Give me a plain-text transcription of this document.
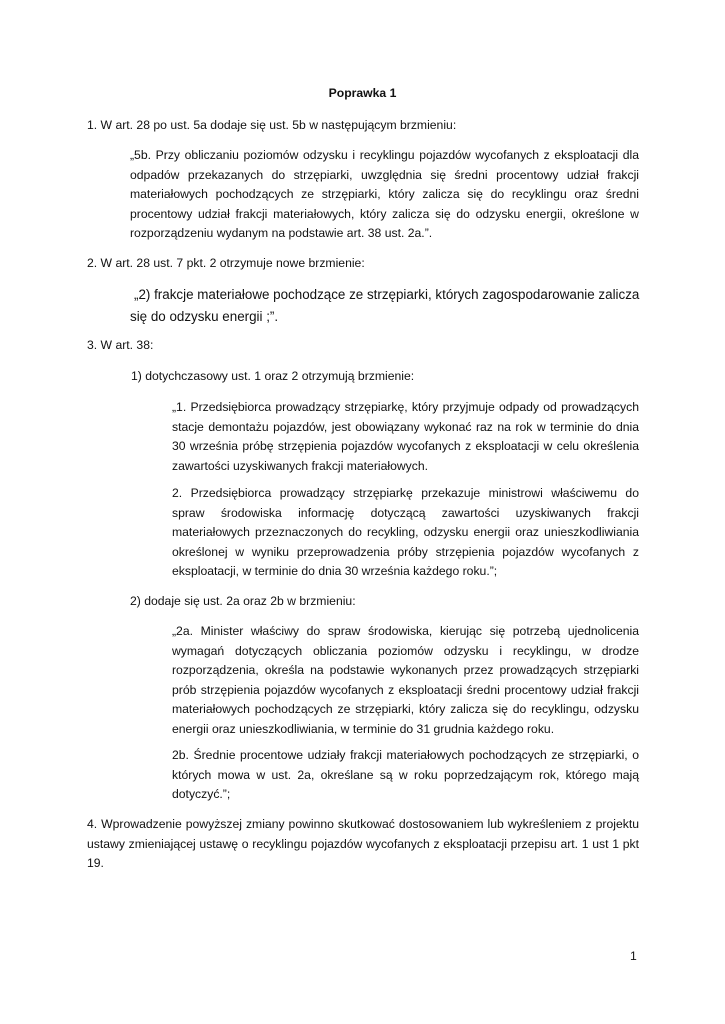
Poprawka 1

1. W art. 28 po ust. 5a dodaje się ust. 5b w następującym brzmieniu:

„5b. Przy obliczaniu poziomów odzysku i recyklingu pojazdów wycofanych z eksploatacji dla odpadów przekazanych do strzępiarki, uwzględnia się średni procentowy udział frakcji materiałowych pochodzących ze strzępiarki, który zalicza się do recyklingu oraz średni procentowy udział frakcji materiałowych, który zalicza się do odzysku energii, określone w rozporządzeniu wydanym na podstawie art. 38 ust. 2a.”.

2. W art. 28 ust. 7 pkt. 2 otrzymuje nowe brzmienie:

„2) frakcje materiałowe pochodzące ze strzępiarki, których zagospodarowanie zalicza się do odzysku energii ;”.

3. W art. 38:

1) dotychczasowy ust. 1 oraz 2 otrzymują brzmienie:

„1. Przedsiębiorca prowadzący strzępiarkę, który przyjmuje odpady od prowadzących stacje demontażu pojazdów, jest obowiązany wykonać raz na rok w terminie do dnia 30 września próbę strzępienia pojazdów wycofanych z eksploatacji w celu określenia zawartości uzyskiwanych frakcji materiałowych.

2. Przedsiębiorca prowadzący strzępiarkę przekazuje ministrowi właściwemu do spraw środowiska informację dotyczącą zawartości uzyskiwanych frakcji materiałowych przeznaczonych do recykling, odzysku energii oraz unieszkodliwiania określonej w wyniku przeprowadzenia próby strzępienia pojazdów wycofanych z eksploatacji, w terminie do dnia 30 września każdego roku.”;

2) dodaje się ust. 2a oraz 2b w brzmieniu:

„2a. Minister właściwy do spraw środowiska, kierując się potrzebą ujednolicenia wymagań dotyczących obliczania poziomów odzysku i recyklingu, w drodze rozporządzenia, określa na podstawie wykonanych przez prowadzących strzępiarki prób strzępienia pojazdów wycofanych z eksploatacji średni procentowy udział frakcji materiałowych pochodzących ze strzępiarki, który zalicza się do recyklingu, odzysku energii oraz unieszkodliwiania, w terminie do 31 grudnia każdego roku.

2b. Średnie procentowe udziały frakcji materiałowych pochodzących ze strzępiarki, o których mowa w ust. 2a, określane są w roku poprzedzającym rok, którego mają dotyczyć.”;

4. Wprowadzenie powyższej zmiany powinno skutkować dostosowaniem lub wykreśleniem z projektu ustawy zmieniającej ustawę o recyklingu pojazdów wycofanych z eksploatacji przepisu art. 1 ust 1 pkt 19.

1
